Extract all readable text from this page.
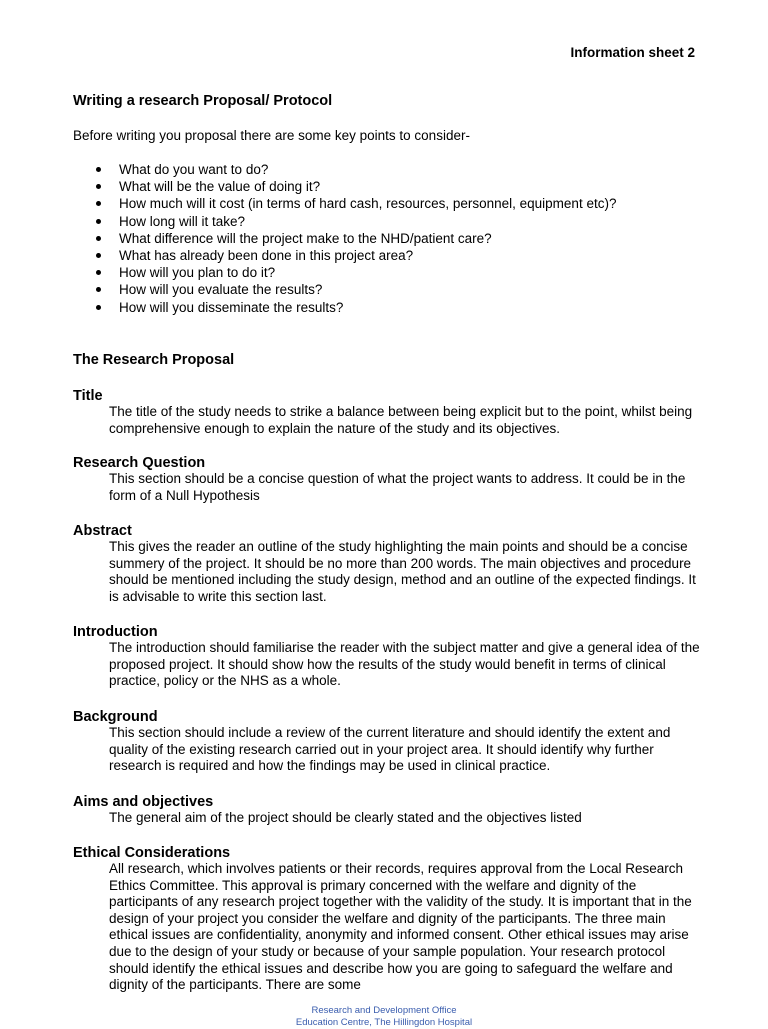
Information sheet 2
Writing a research Proposal/ Protocol
Before writing you proposal there are some key points to consider-
What do you want to do?
What will be the value of doing it?
How much will it cost (in terms of hard cash, resources, personnel, equipment etc)?
How long will it take?
What difference will the project make to the NHD/patient care?
What has already been done in this project area?
How will you plan to do it?
How will you evaluate the results?
How will you disseminate the results?
The Research Proposal
Title

The title of the study needs to strike a balance between being explicit but to the point, whilst being comprehensive enough to explain the nature of the study and its objectives.

Research Question

This section should be a concise question of what the project wants to address. It could be in the form of a Null Hypothesis

Abstract

This gives the reader an outline of the study highlighting the main points and should be a concise summery of the project. It should be no more than 200 words. The main objectives and procedure should be mentioned including the study design, method and an outline of the expected findings. It is advisable to write this section last.

Introduction

The introduction should familiarise the reader with the subject matter and give a general idea of the proposed project. It should show how the results of the study would benefit in terms of clinical practice, policy or the NHS as a whole.

Background

This section should include a review of the current literature and should identify the extent and quality of the existing research carried out in your project area. It should identify why further research is required and how the findings may be used in clinical practice.

Aims and objectives

The general aim of the project should be clearly stated and the objectives listed

Ethical Considerations

All research, which involves patients or their records, requires approval from the Local Research Ethics Committee. This approval is primary concerned with the welfare and dignity of the participants of any research project together with the validity of the study. It is important that in the design of your project you consider the welfare and dignity of the participants. The three main ethical issues are confidentiality, anonymity and informed consent. Other ethical issues may arise due to the design of your study or because of your sample population. Your research protocol should identify the ethical issues and describe how you are going to safeguard the welfare and dignity of the participants. There are some

Research and Development Office
Education Centre, The Hillingdon Hospital
